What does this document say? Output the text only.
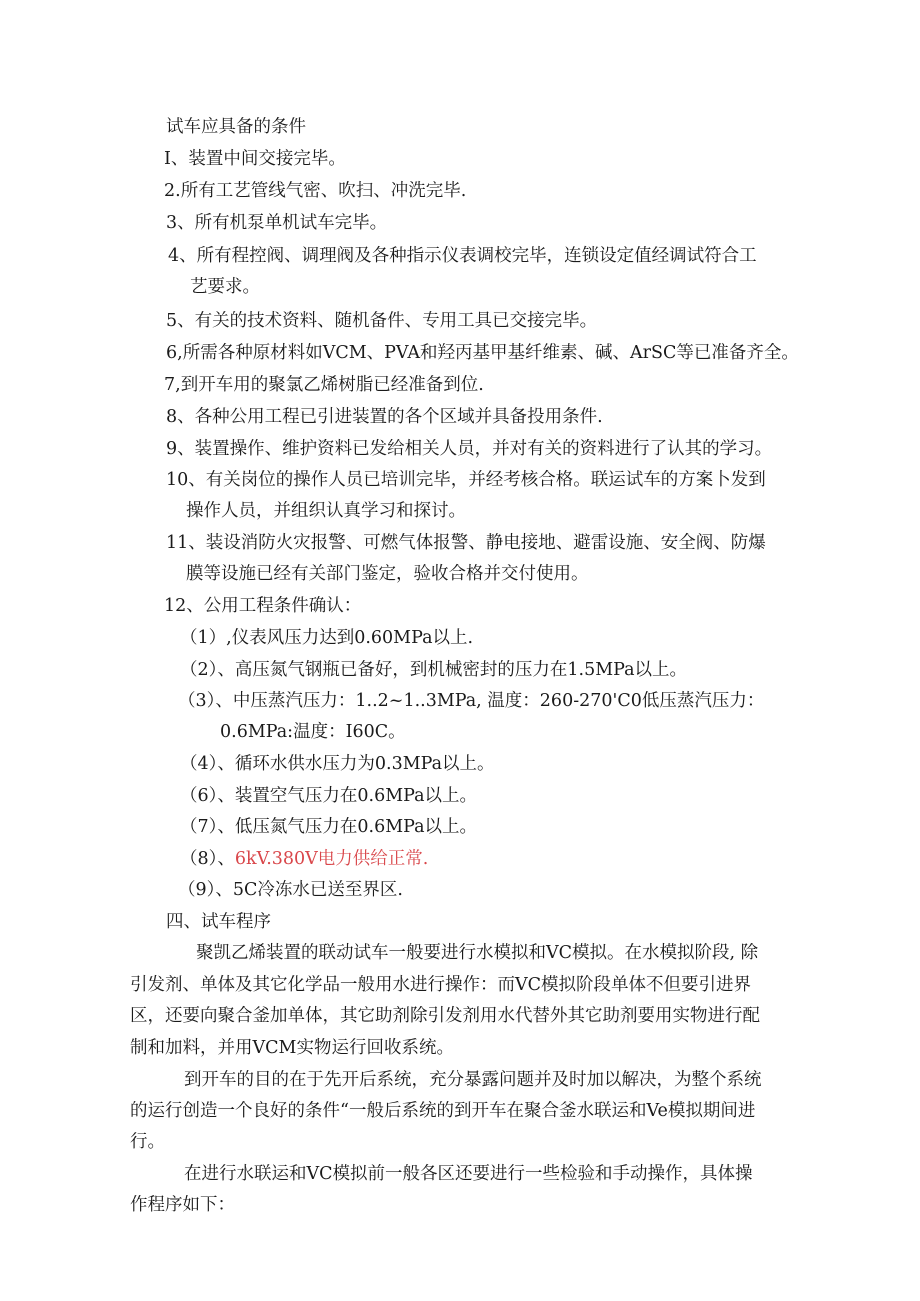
试车应具备的条件
I、装置中间交接完毕。
2.所有工艺管线气密、吹扫、冲洗完毕.
3、所有机泵单机试车完毕。
4、所有程控阀、调理阀及各种指示仪表调校完毕，连锁设定值经调试符合工
艺要求。
5、有关的技术资料、随机备件、专用工具已交接完毕。
6,所需各种原材料如VCM、PVA和羟丙基甲基纤维素、碱、ArSC等已准备齐全。
7,到开车用的聚氯乙烯树脂已经准备到位.
8、各种公用工程已引进装置的各个区域并具备投用条件.
9、装置操作、维护资料已发给相关人员，并对有关的资料进行了认其的学习。
10、有关岗位的操作人员已培训完毕，并经考核合格。联运试车的方案卜发到
操作人员，并组织认真学习和探讨。
11、装设消防火灾报警、可燃气体报警、静电接地、避雷设施、安全阀、防爆
膜等设施已经有关部门鉴定，验收合格并交付使用。
12、公用工程条件确认：
（1）,仪表风压力达到0.60MPa以上.
（2）、高压氮气钢瓶已备好，到机械密封的压力在1.5MPa以上。
（3）、中压蒸汽压力：1..2~1..3MPa, 温度：260-270'C0低压蒸汽压力：
0.6MPa:温度：I60C。
（4）、循环水供水压力为0.3MPa以上。
（6）、装置空气压力在0.6MPa以上。
（7）、低压氮气压力在0.6MPa以上。
（8）、6kV.380V电力供给正常.
（9）、5C冷冻水已送至界区.
四、试车程序
聚凯乙烯装置的联动试车一般要进行水模拟和VC模拟。在水模拟阶段, 除
引发剂、单体及其它化学品一般用水进行操作：而VC模拟阶段单体不但要引进界
区，还要向聚合釜加单体，其它助剂除引发剂用水代替外其它助剂要用实物进行配
制和加料，并用VCM实物运行回收系统。
到开车的目的在于先开后系统，充分暴露问题并及时加以解决，为整个系统
的运行创造一个良好的条件“一般后系统的到开车在聚合釜水联运和Ve模拟期间进
行。
在进行水联运和VC模拟前一般各区还要进行一些检验和手动操作，具体操
作程序如下：
